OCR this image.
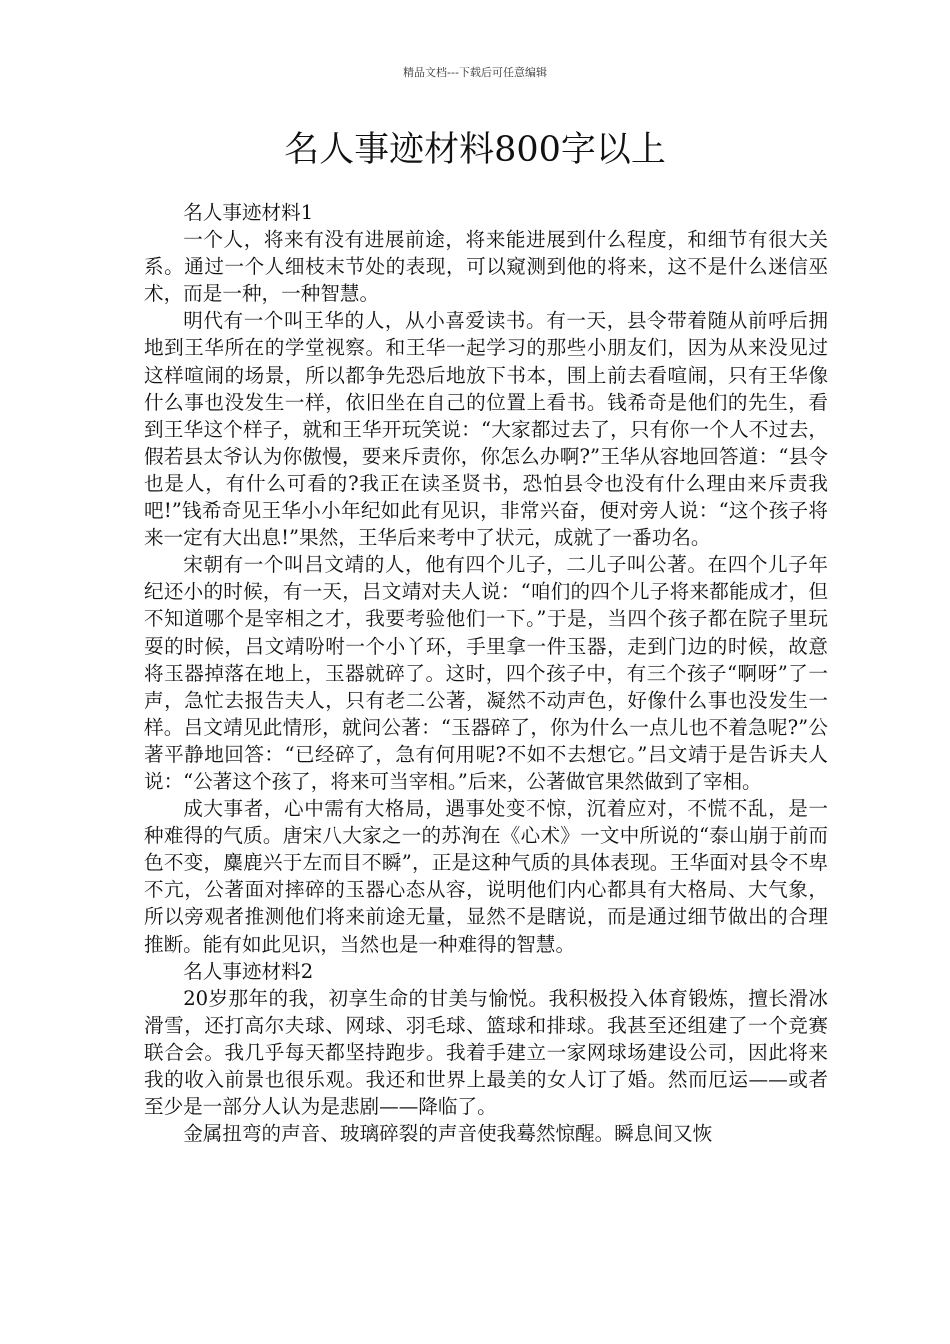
精品文档---下载后可任意编辑
名人事迹材料800字以上
名人事迹材料1

一个人，将来有没有进展前途，将来能进展到什么程度，和细节有很大关系。通过一个人细枝末节处的表现，可以窥测到他的将来，这不是什么迷信巫术，而是一种，一种智慧。

明代有一个叫王华的人，从小喜爱读书。有一天，县令带着随从前呼后拥地到王华所在的学堂视察。和王华一起学习的那些小朋友们，因为从来没见过这样喧闹的场景，所以都争先恐后地放下书本，围上前去看喧闹，只有王华像什么事也没发生一样，依旧坐在自己的位置上看书。钱希奇是他们的先生，看到王华这个样子，就和王华开玩笑说：“大家都过去了，只有你一个人不过去，假若县太爷认为你傲慢，要来斥责你，你怎么办啊?”王华从容地回答道：“县令也是人，有什么可看的?我正在读圣贤书，恐怕县令也没有什么理由来斥责我吧!”钱希奇见王华小小年纪如此有见识，非常兴奋，便对旁人说：“这个孩子将来一定有大出息!”果然，王华后来考中了状元，成就了一番功名。

宋朝有一个叫吕文靖的人，他有四个儿子，二儿子叫公著。在四个儿子年纪还小的时候，有一天，吕文靖对夫人说：“咱们的四个儿子将来都能成才，但不知道哪个是宰相之才，我要考验他们一下。”于是，当四个孩子都在院子里玩耍的时候，吕文靖吩咐一个小丫环，手里拿一件玉器，走到门边的时候，故意将玉器掉落在地上，玉器就碎了。这时，四个孩子中，有三个孩子“啊呀”了一声，急忙去报告夫人，只有老二公著，凝然不动声色，好像什么事也没发生一样。吕文靖见此情形，就问公著：“玉器碎了，你为什么一点儿也不着急呢?”公著平静地回答：“已经碎了，急有何用呢?不如不去想它。”吕文靖于是告诉夫人说：“公著这个孩了，将来可当宰相。”后来，公著做官果然做到了宰相。

成大事者，心中需有大格局，遇事处变不惊，沉着应对，不慌不乱，是一种难得的气质。唐宋八大家之一的苏洵在《心术》一文中所说的“泰山崩于前而色不变，麋鹿兴于左而目不瞬”，正是这种气质的具体表现。王华面对县令不卑不亢，公著面对摔碎的玉器心态从容，说明他们内心都具有大格局、大气象，所以旁观者推测他们将来前途无量，显然不是瞎说，而是通过细节做出的合理推断。能有如此见识，当然也是一种难得的智慧。

名人事迹材料2

20岁那年的我，初享生命的甘美与愉悦。我积极投入体育锻炼，擅长滑冰滑雪，还打高尔夫球、网球、羽毛球、篮球和排球。我甚至还组建了一个竞赛联合会。我几乎每天都坚持跑步。我着手建立一家网球场建设公司，因此将来我的收入前景也很乐观。我还和世界上最美的女人订了婚。然而厄运——或者至少是一部分人认为是悲剧——降临了。

金属扭弯的声音、玻璃碎裂的声音使我蓦然惊醒。瞬息间又恢
